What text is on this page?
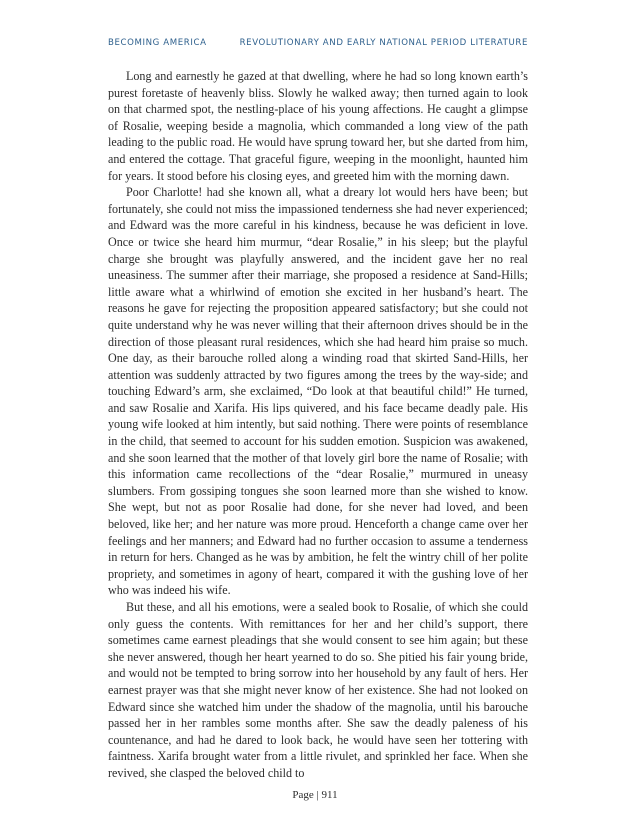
BECOMING AMERICA	REVOLUTIONARY AND EARLY NATIONAL PERIOD LITERATURE

Long and earnestly he gazed at that dwelling, where he had so long known earth’s purest foretaste of heavenly bliss. Slowly he walked away; then turned again to look on that charmed spot, the nestling-place of his young affections. He caught a glimpse of Rosalie, weeping beside a magnolia, which commanded a long view of the path leading to the public road. He would have sprung toward her, but she darted from him, and entered the cottage. That graceful figure, weeping in the moonlight, haunted him for years. It stood before his closing eyes, and greeted him with the morning dawn.

Poor Charlotte! had she known all, what a dreary lot would hers have been; but fortunately, she could not miss the impassioned tenderness she had never experienced; and Edward was the more careful in his kindness, because he was deficient in love. Once or twice she heard him murmur, “dear Rosalie,” in his sleep; but the playful charge she brought was playfully answered, and the incident gave her no real uneasiness. The summer after their marriage, she proposed a residence at Sand-Hills; little aware what a whirlwind of emotion she excited in her husband’s heart. The reasons he gave for rejecting the proposition appeared satisfactory; but she could not quite understand why he was never willing that their afternoon drives should be in the direction of those pleasant rural residences, which she had heard him praise so much. One day, as their barouche rolled along a winding road that skirted Sand-Hills, her attention was suddenly attracted by two figures among the trees by the way-side; and touching Edward’s arm, she exclaimed, “Do look at that beautiful child!” He turned, and saw Rosalie and Xarifa. His lips quivered, and his face became deadly pale. His young wife looked at him intently, but said nothing. There were points of resemblance in the child, that seemed to account for his sudden emotion. Suspicion was awakened, and she soon learned that the mother of that lovely girl bore the name of Rosalie; with this information came recollections of the “dear Rosalie,” murmured in uneasy slumbers. From gossiping tongues she soon learned more than she wished to know. She wept, but not as poor Rosalie had done, for she never had loved, and been beloved, like her; and her nature was more proud. Henceforth a change came over her feelings and her manners; and Edward had no further occasion to assume a tenderness in return for hers. Changed as he was by ambition, he felt the wintry chill of her polite propriety, and sometimes in agony of heart, compared it with the gushing love of her who was indeed his wife.

But these, and all his emotions, were a sealed book to Rosalie, of which she could only guess the contents. With remittances for her and her child’s support, there sometimes came earnest pleadings that she would consent to see him again; but these she never answered, though her heart yearned to do so. She pitied his fair young bride, and would not be tempted to bring sorrow into her household by any fault of hers. Her earnest prayer was that she might never know of her existence. She had not looked on Edward since she watched him under the shadow of the magnolia, until his barouche passed her in her rambles some months after. She saw the deadly paleness of his countenance, and had he dared to look back, he would have seen her tottering with faintness. Xarifa brought water from a little rivulet, and sprinkled her face. When she revived, she clasped the beloved child to

Page | 911
